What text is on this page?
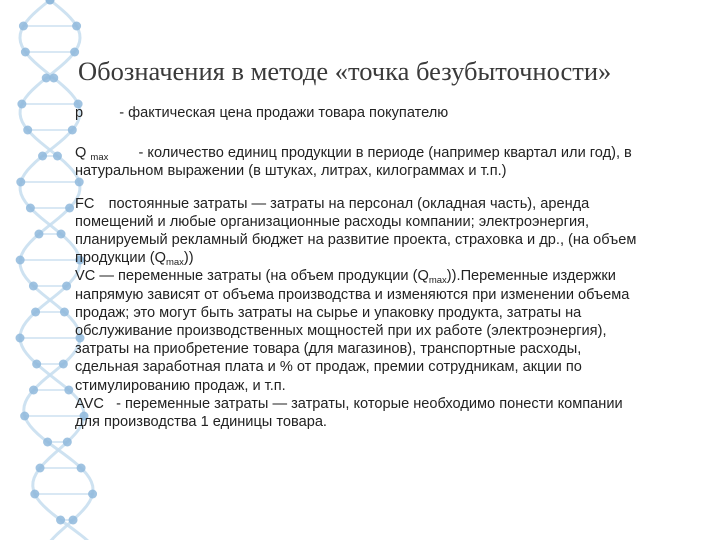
Обозначения в методе «точка безубыточности»

p - фактическая цена продажи товара покупателю

Q $_{max}$ - количество единиц продукции в периоде (например квартал или год), в натуральном выражении (в штуках, литрах, килограммах и т.п.)

FC постоянные затраты — затраты на персонал (окладная часть), аренда помещений и любые организационные расходы компании; электроэнергия, планируемый рекламный бюджет на развитие проекта, страховка и др., (на объем продукции $(Q_{max})$)

VC — переменные затраты (на объем продукции $(Q_{max})).Переменные$ издержки напрямую зависят от объема производства и изменяются при изменении объема продаж; это могут быть затраты на сырье и упаковку продукта, затраты на обслуживание производственных мощностей при их работе (электроэнергия), затраты на приобретение товара (для магазинов), транспортные расходы, сдельная заработная плата и % от продаж, премии сотрудникам, акции по стимулированию продаж, и т.п.

AVC - переменные затраты — затраты, которые необходимо понести компании для производства 1 единицы товара.
